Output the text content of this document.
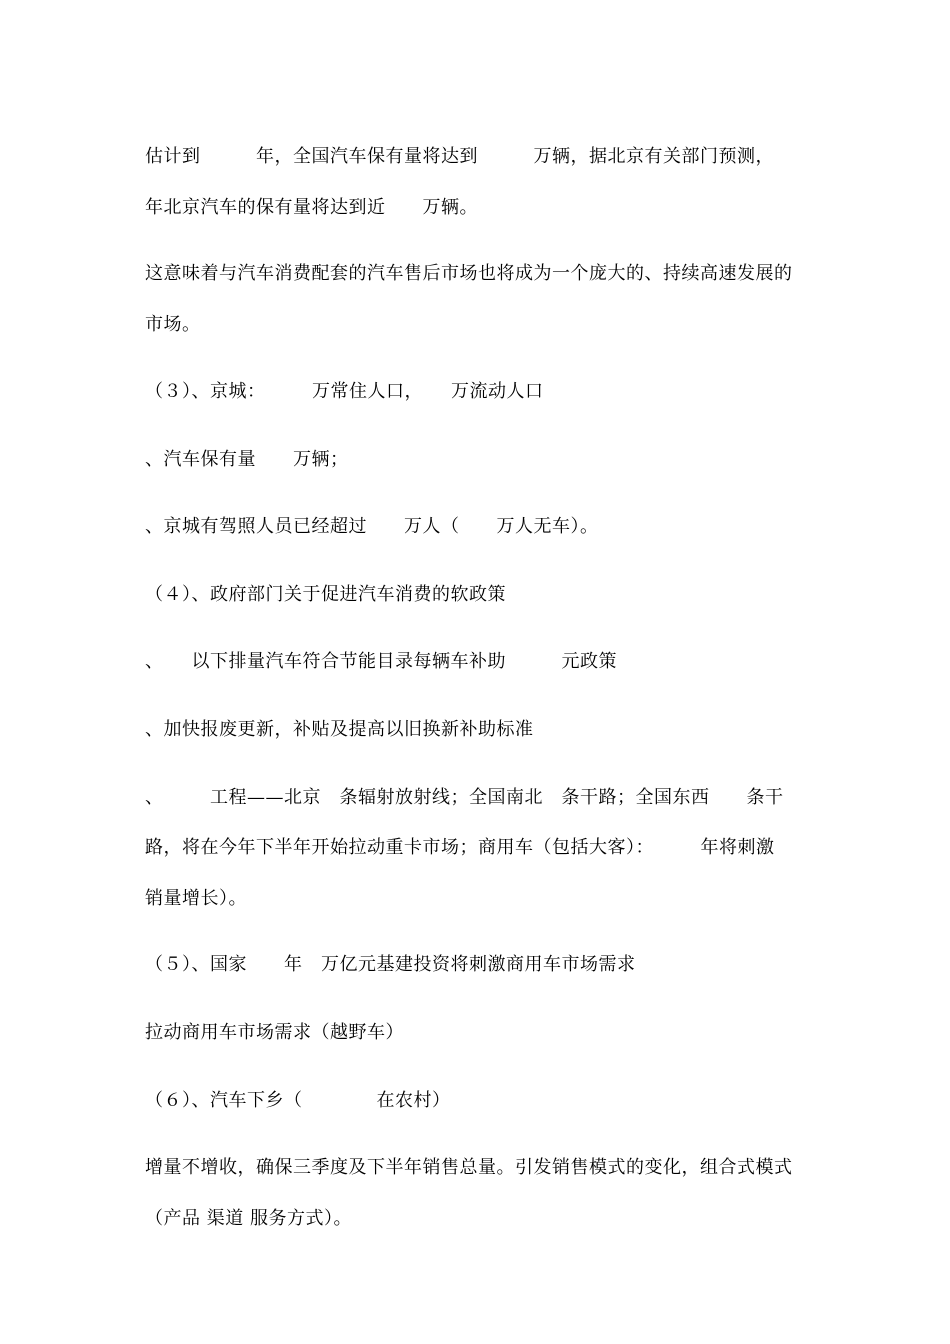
估计到　　　年，全国汽车保有量将达到　　　万辆，据北京有关部门预测，

年北京汽车的保有量将达到近　　万辆。

这意味着与汽车消费配套的汽车售后市场也将成为一个庞大的、持续高速发展的

市场。

（３）、京城：　　　万常住人口，　　万流动人口

、汽车保有量　　万辆；

、京城有驾照人员已经超过　　万人（　　万人无车）。

（４）、政府部门关于促进汽车消费的软政策

、　　以下排量汽车符合节能目录每辆车补助　　　元政策

、加快报废更新，补贴及提高以旧换新补助标准

、　　　工程——北京　条辐射放射线；全国南北　条干路；全国东西　　条干

路，将在今年下半年开始拉动重卡市场；商用车（包括大客）：　　　年将刺激

销量增长）。

（５）、国家　　年　万亿元基建投资将刺激商用车市场需求

拉动商用车市场需求（越野车）

（６）、汽车下乡（　　　　在农村）

增量不增收，确保三季度及下半年销售总量。引发销售模式的变化，组合式模式

（产品 渠道 服务方式）。
